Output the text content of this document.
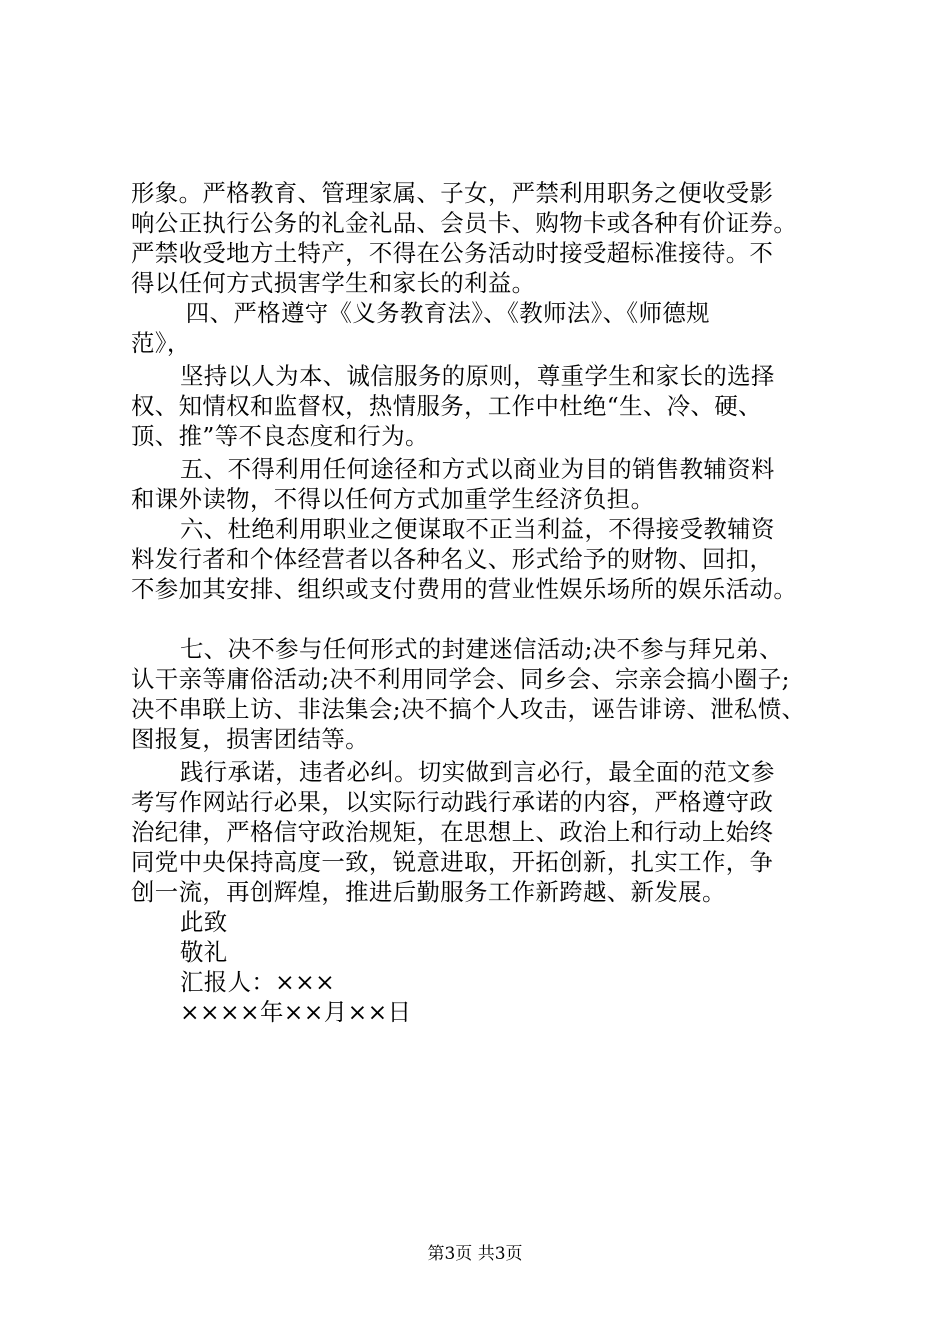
形象。严格教育、管理家属、子女，严禁利用职务之便收受影
响公正执行公务的礼金礼品、会员卡、购物卡或各种有价证券。
严禁收受地方土特产，不得在公务活动时接受超标准接待。不
得以任何方式损害学生和家长的利益。
　四、严格遵守《义务教育法》、《教师法》、《师德规
范》，
坚持以人为本、诚信服务的原则，尊重学生和家长的选择
权、知情权和监督权，热情服务，工作中杜绝“生、冷、硬、
顶、推”等不良态度和行为。
五、不得利用任何途径和方式以商业为目的销售教辅资料
和课外读物，不得以任何方式加重学生经济负担。
六、杜绝利用职业之便谋取不正当利益，不得接受教辅资
料发行者和个体经营者以各种名义、形式给予的财物、回扣，
不参加其安排、组织或支付费用的营业性娱乐场所的娱乐活动。
七、决不参与任何形式的封建迷信活动;决不参与拜兄弟、
认干亲等庸俗活动;决不利用同学会、同乡会、宗亲会搞小圈子;
决不串联上访、非法集会;决不搞个人攻击，诬告诽谤、泄私愤、
图报复，损害团结等。
践行承诺，违者必纠。切实做到言必行，最全面的范文参
考写作网站行必果，以实际行动践行承诺的内容，严格遵守政
治纪律，严格信守政治规矩，在思想上、政治上和行动上始终
同党中央保持高度一致，锐意进取，开拓创新，扎实工作，争
创一流，再创辉煌，推进后勤服务工作新跨越、新发展。
此致
敬礼
汇报人：×××
××××年××月××日
第3页 共3页
